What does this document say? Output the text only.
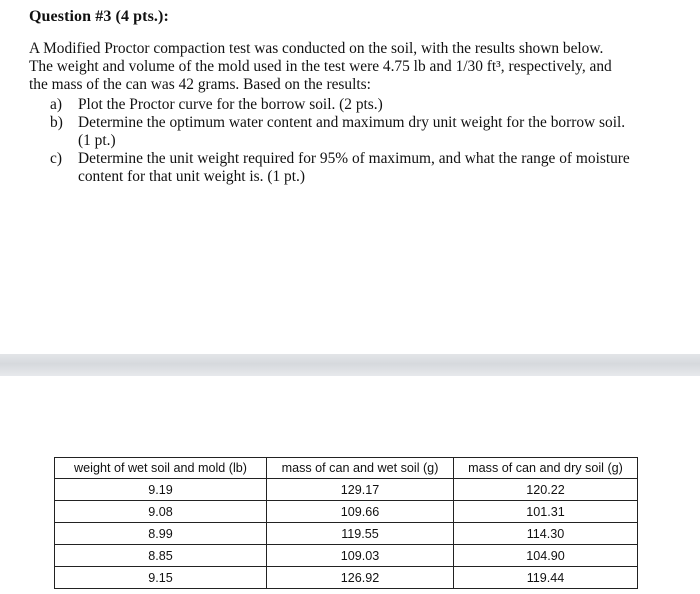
Question #3 (4 pts.):

A Modified Proctor compaction test was conducted on the soil, with the results shown below.

The weight and volume of the mold used in the test were 4.75 lb and 1/30 ft³, respectively, and

the mass of the can was 42 grams. Based on the results:

a) Plot the Proctor curve for the borrow soil. (2 pts.)
b) Determine the optimum water content and maximum dry unit weight for the borrow soil.
(1 pt.)
c) Determine the unit weight required for 95% of maximum, and what the range of moisture
content for that unit weight is. (1 pt.)
weight of wet soil and mold (lb)	mass of can and wet soil (g)	mass of can and dry soil (g)
9.19	129.17	120.22
9.08	109.66	101.31
8.99	119.55	114.30
8.85	109.03	104.90
9.15	126.92	119.44
